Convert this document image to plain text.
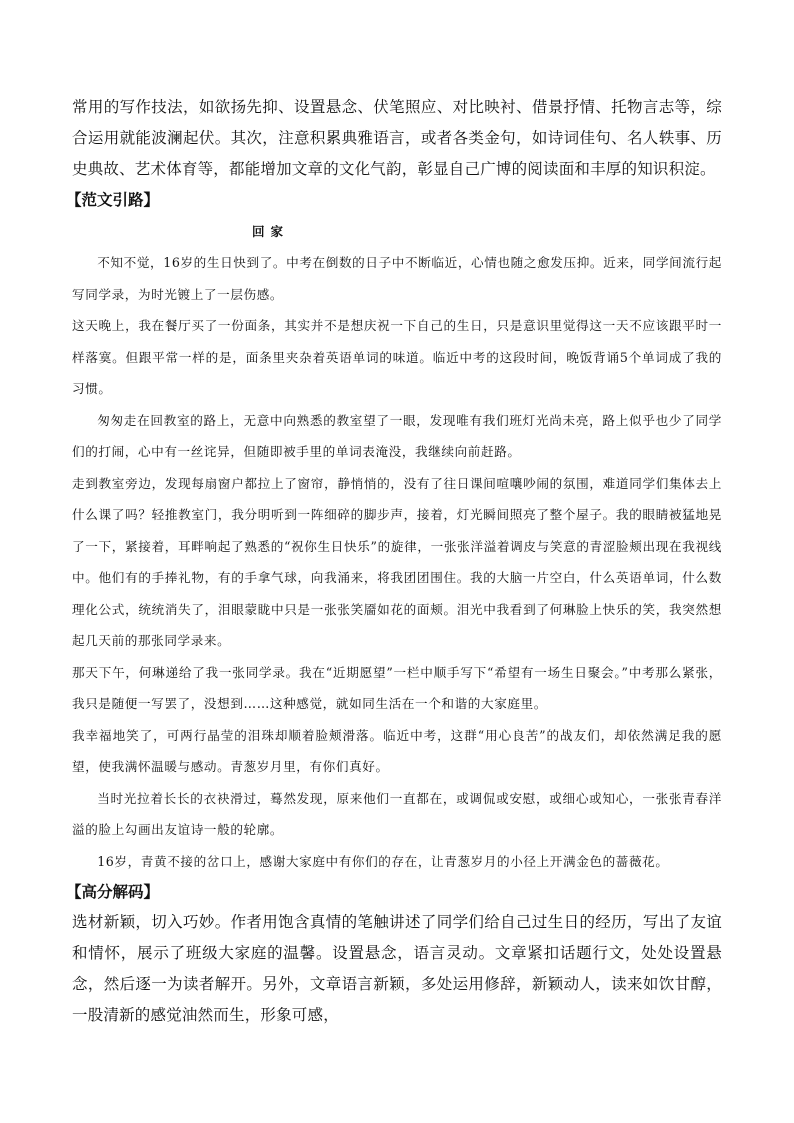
常用的写作技法，如欲扬先抑、设置悬念、伏笔照应、对比映衬、借景抒情、托物言志等，综合运用就能波澜起伏。其次，注意积累典雅语言，或者各类金句，如诗词佳句、名人轶事、历史典故、艺术体育等，都能增加文章的文化气韵，彰显自己广博的阅读面和丰厚的知识积淀。

【范文引路】

回家

不知不觉，16岁的生日快到了。中考在倒数的日子中不断临近，心情也随之愈发压抑。近来，同学间流行起写同学录，为时光镀上了一层伤感。

这天晚上，我在餐厅买了一份面条，其实并不是想庆祝一下自己的生日，只是意识里觉得这一天不应该跟平时一样落寞。但跟平常一样的是，面条里夹杂着英语单词的味道。临近中考的这段时间，晚饭背诵5个单词成了我的习惯。

匆匆走在回教室的路上，无意中向熟悉的教室望了一眼，发现唯有我们班灯光尚未亮，路上似乎也少了同学们的打闹，心中有一丝诧异，但随即被手里的单词表淹没，我继续向前赶路。

走到教室旁边，发现每扇窗户都拉上了窗帘，静悄悄的，没有了往日课间喧嚷吵闹的氛围，难道同学们集体去上什么课了吗？轻推教室门，我分明听到一阵细碎的脚步声，接着，灯光瞬间照亮了整个屋子。我的眼睛被猛地晃了一下，紧接着，耳畔响起了熟悉的“祝你生日快乐”的旋律，一张张洋溢着调皮与笑意的青涩脸颊出现在我视线中。他们有的手捧礼物，有的手拿气球，向我涌来，将我团团围住。我的大脑一片空白，什么英语单词，什么数理化公式，统统消失了，泪眼蒙眬中只是一张张笑靥如花的面颊。泪光中我看到了何琳脸上快乐的笑，我突然想起几天前的那张同学录来。

那天下午，何琳递给了我一张同学录。我在“近期愿望”一栏中顺手写下“希望有一场生日聚会。”中考那么紧张，我只是随便一写罢了，没想到……这种感觉，就如同生活在一个和谐的大家庭里。

我幸福地笑了，可两行晶莹的泪珠却顺着脸颊滑落。临近中考，这群“用心良苦”的战友们，却依然满足我的愿望，使我满怀温暖与感动。青葱岁月里，有你们真好。

当时光拉着长长的衣袂滑过，蓦然发现，原来他们一直都在，或调侃或安慰，或细心或知心，一张张青春洋溢的脸上勾画出友谊诗一般的轮廓。

16岁，青黄不接的岔口上，感谢大家庭中有你们的存在，让青葱岁月的小径上开满金色的蔷薇花。

【高分解码】

选材新颖，切入巧妙。作者用饱含真情的笔触讲述了同学们给自己过生日的经历，写出了友谊和情怀，展示了班级大家庭的温馨。设置悬念，语言灵动。文章紧扣话题行文，处处设置悬念，然后逐一为读者解开。另外，文章语言新颖，多处运用修辞，新颖动人，读来如饮甘醇，一股清新的感觉油然而生，形象可感，
